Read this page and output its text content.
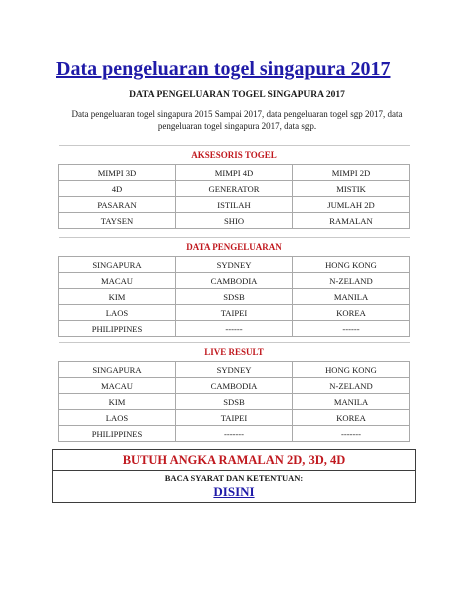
Data pengeluaran togel singapura 2017
DATA PENGELUARAN TOGEL SINGAPURA 2017
Data pengeluaran togel singapura 2015 Sampai 2017, data pengeluaran togel sgp 2017, data pengeluaran togel singapura 2017, data sgp.
AKSESORIS TOGEL		
MIMPI 3D	MIMPI 4D	MIMPI 2D
4D	GENERATOR	MISTIK
PASARAN	ISTILAH	JUMLAH 2D
TAYSEN	SHIO	RAMALAN
DATA PENGELUARAN		
SINGAPURA	SYDNEY	HONG KONG
MACAU	CAMBODIA	N-ZELAND
KIM	SDSB	MANILA
LAOS	TAIPEI	KOREA
PHILIPPINES	------	------
LIVE RESULT		
SINGAPURA	SYDNEY	HONG KONG
MACAU	CAMBODIA	N-ZELAND
KIM	SDSB	MANILA
LAOS	TAIPEI	KOREA
PHILIPPINES	-------	-------
BUTUH ANGKA RAMALAN 2D, 3D, 4D
BACA SYARAT DAN KETENTUAN:
DISINI
